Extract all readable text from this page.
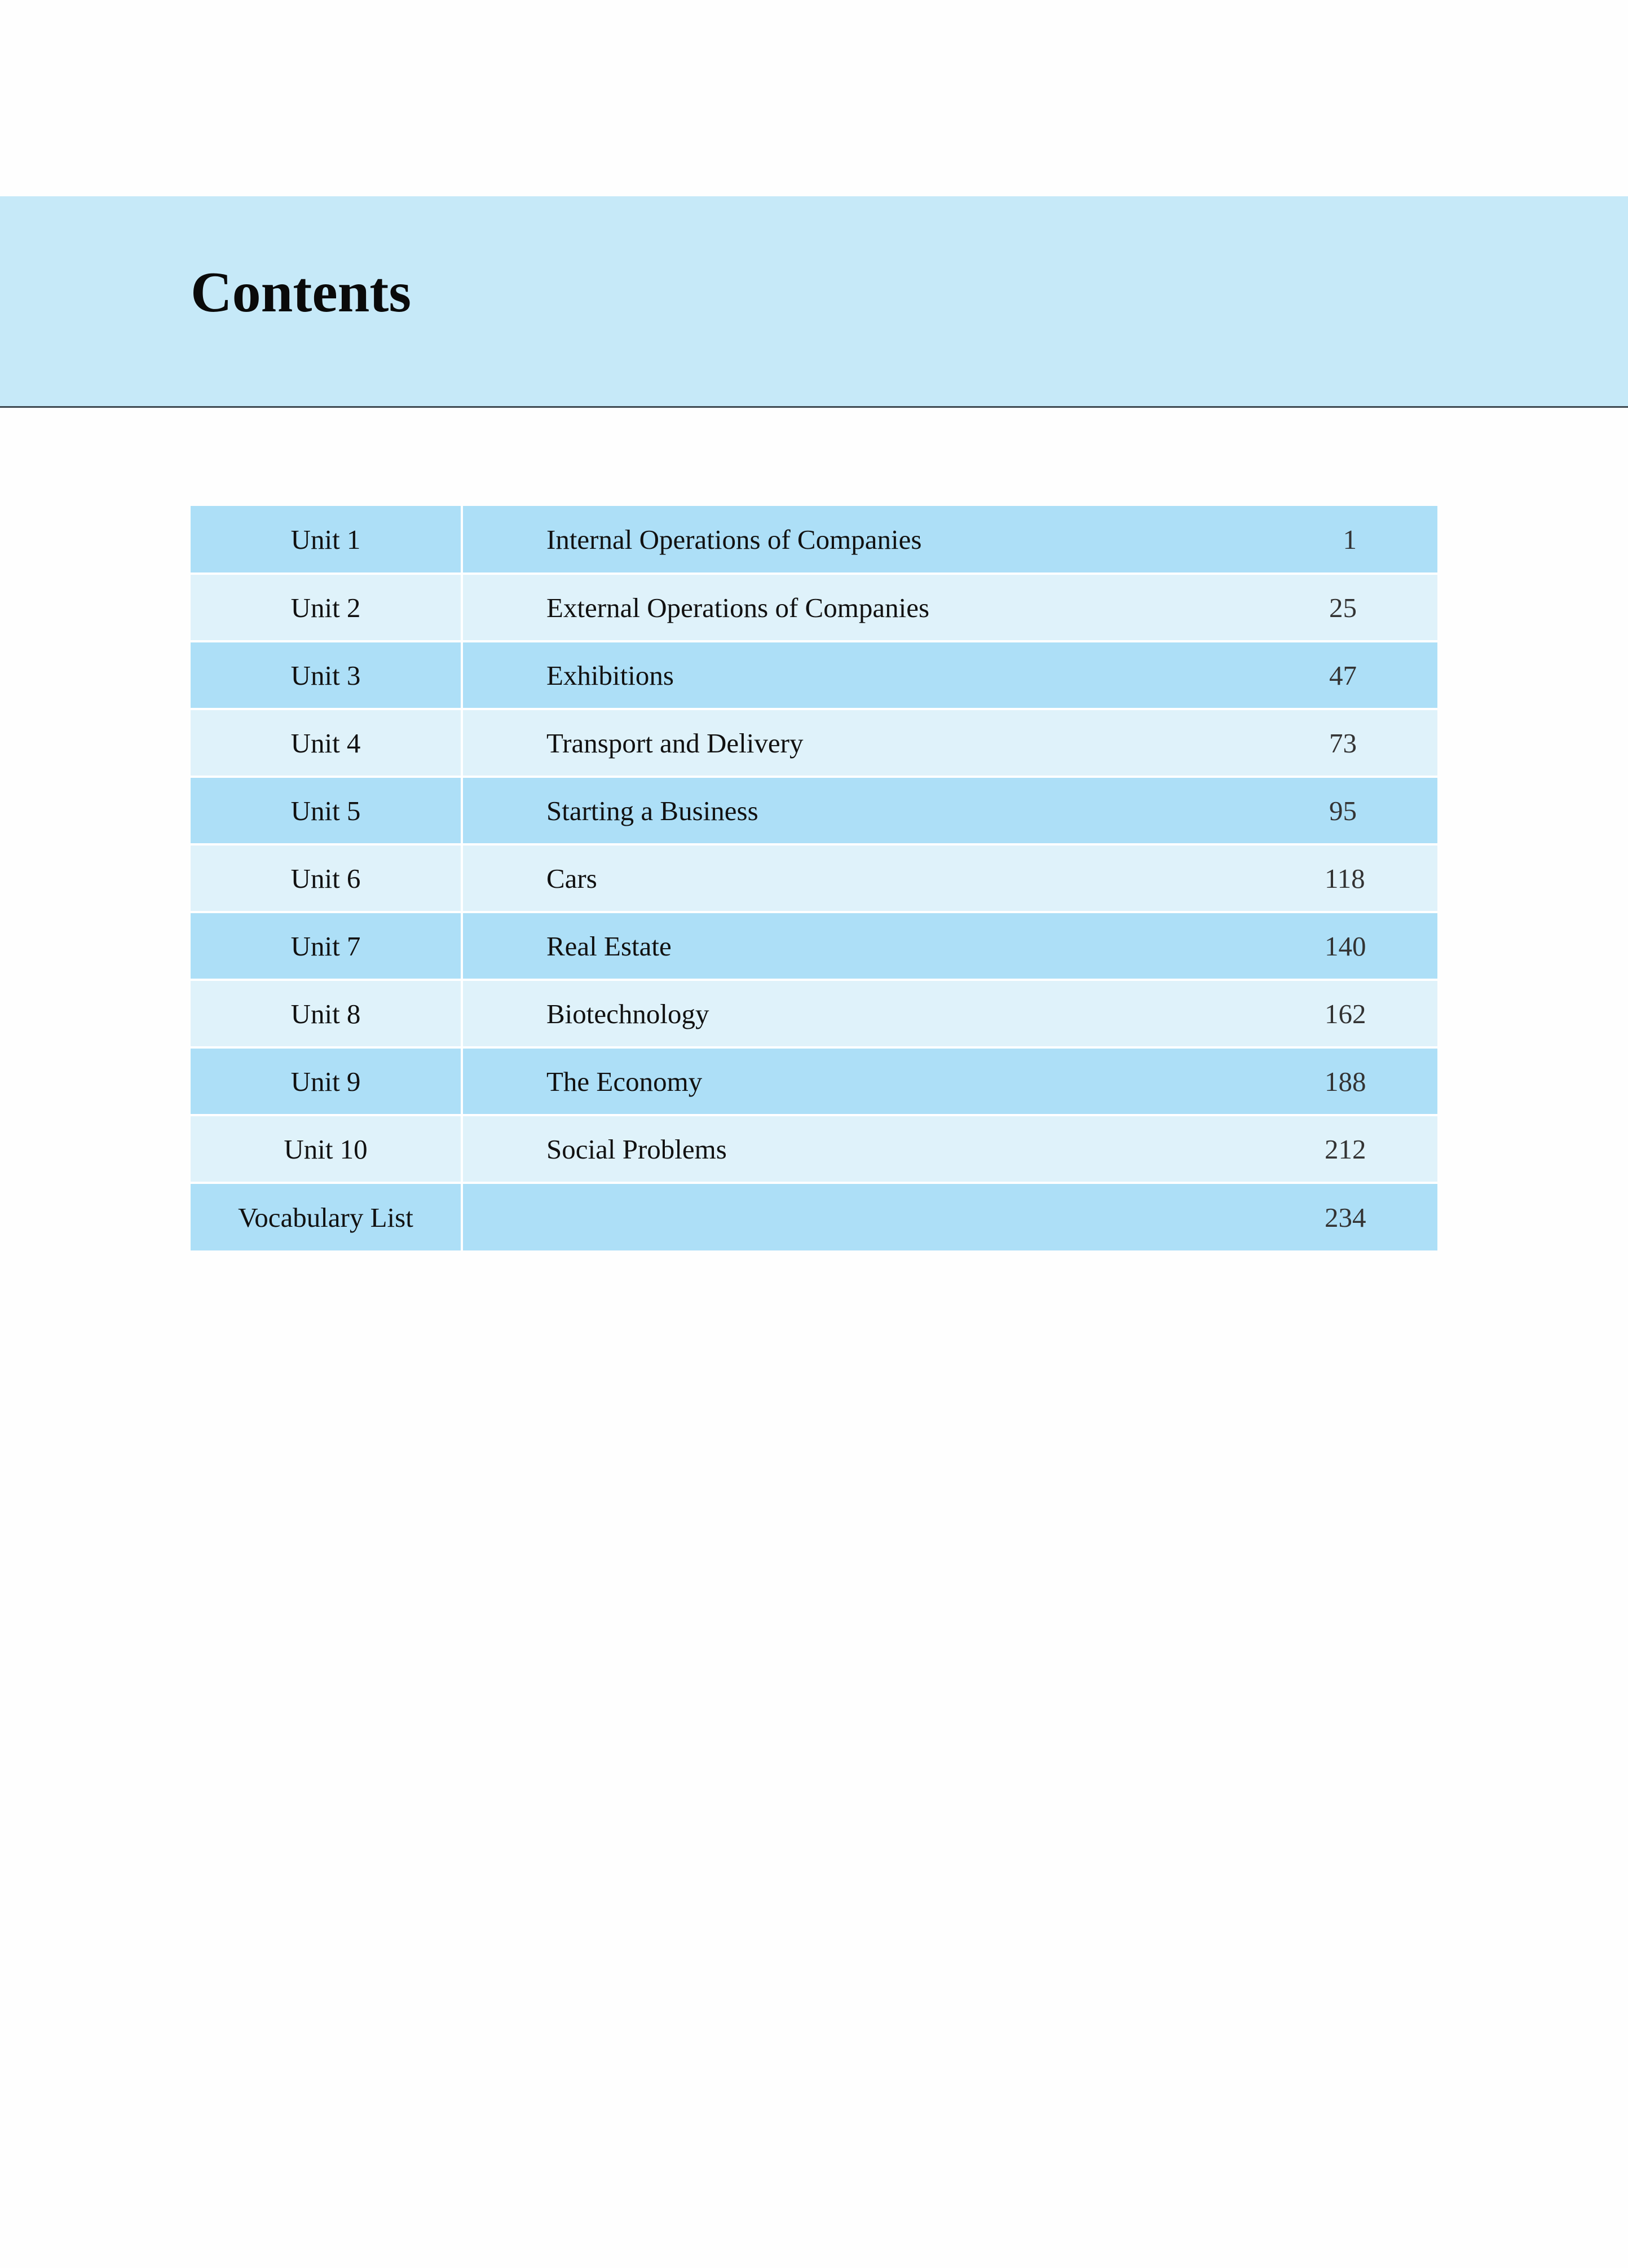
Contents
Unit 1	Internal Operations of Companies	1
Unit 2	External Operations of Companies	25
Unit 3	Exhibitions	47
Unit 4	Transport and Delivery	73
Unit 5	Starting a Business	95
Unit 6	Cars	118
Unit 7	Real Estate	140
Unit 8	Biotechnology	162
Unit 9	The Economy	188
Unit 10	Social Problems	212
Vocabulary List		234
